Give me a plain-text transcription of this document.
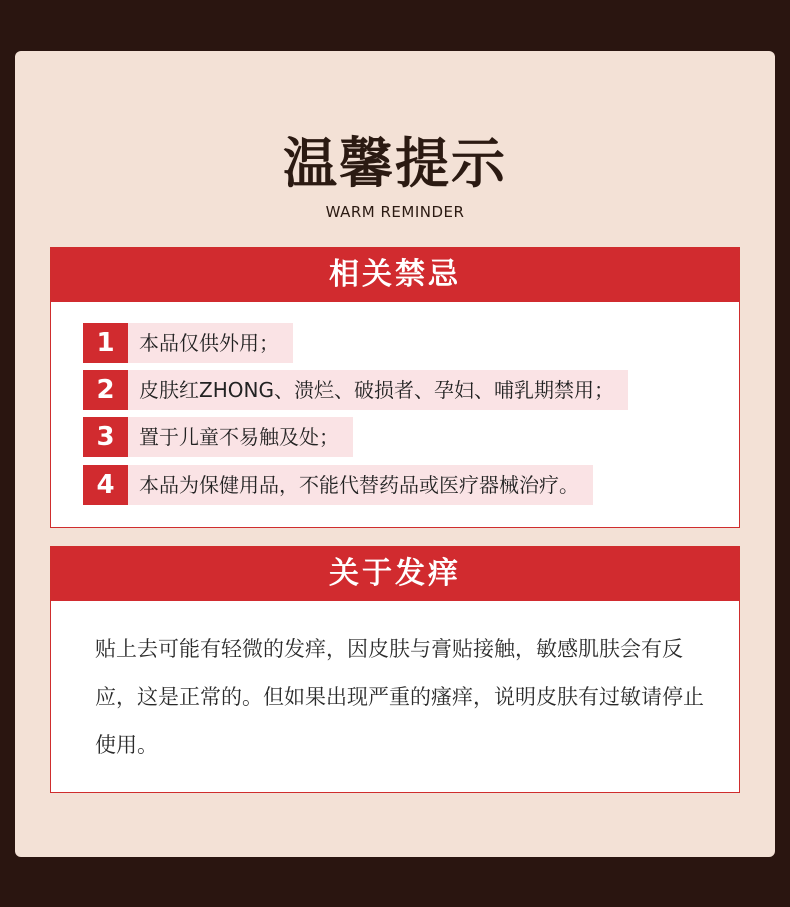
温馨提示
WARM REMINDER
相关禁忌
1	本品仅供外用；
2	皮肤红ZHONG、溃烂、破损者、孕妇、哺乳期禁用；
3	置于儿童不易触及处；
4	本品为保健用品，不能代替药品或医疗器械治疗。
关于发痒
贴上去可能有轻微的发痒，因皮肤与膏贴接触，敏感肌肤会有反应，这是正常的。但如果出现严重的瘙痒，说明皮肤有过敏请停止使用。
